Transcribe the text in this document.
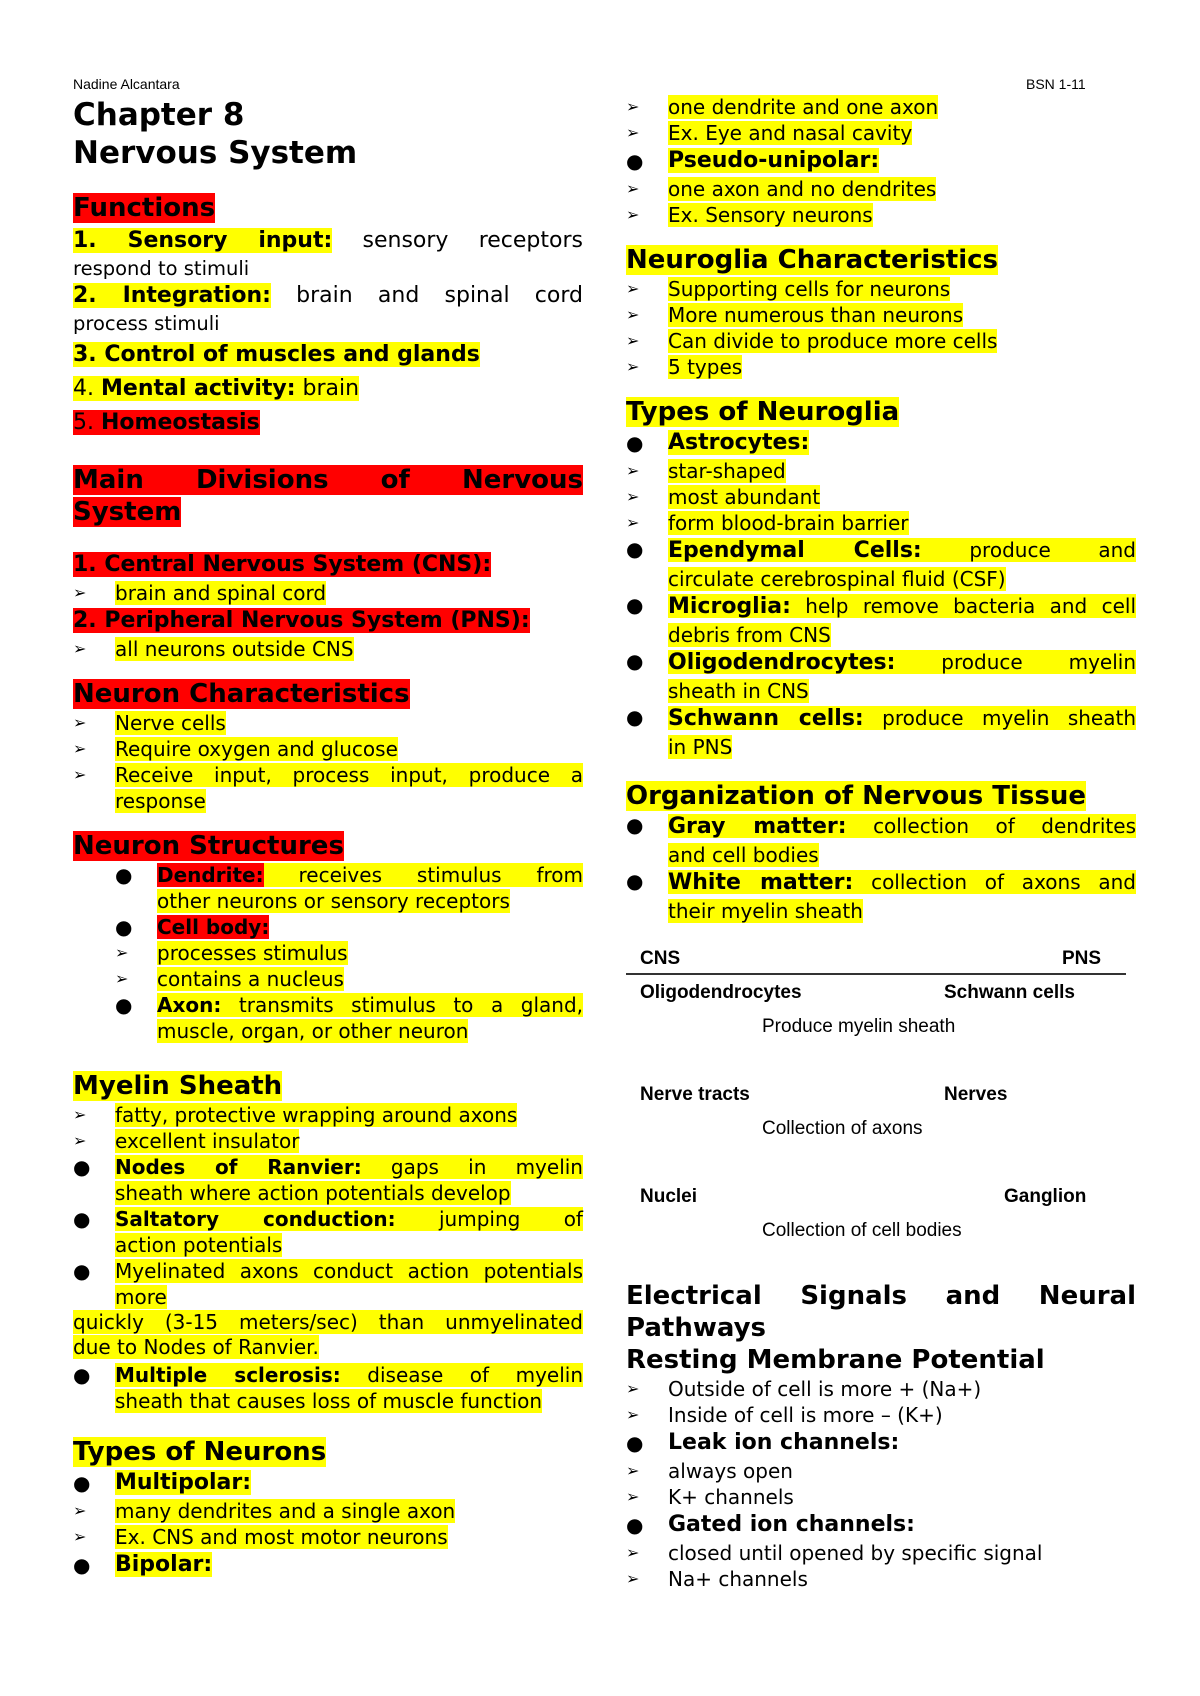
Nadine Alcantara	BSN 1-11

Chapter 8

Nervous System

Functions

1. Sensory input: sensory receptors

respond to stimuli

2. Integration: brain and spinal cord

process stimuli

3. Control of muscles and glands

4. Mental activity: brain

5. Homeostasis

Main Divisions of Nervous

System

1. Central Nervous System (CNS):

➢	brain and spinal cord

2. Peripheral Nervous System (PNS):

➢	all neurons outside CNS

Neuron Characteristics

➢	Nerve cells

➢	Require oxygen and glucose

➢	Receive input, process input, produce a

response

Neuron Structures

●	Dendrite: receives stimulus from

other neurons or sensory receptors

●	Cell body:

➢	processes stimulus

➢	contains a nucleus

●	Axon: transmits stimulus to a gland,

muscle, organ, or other neuron

Myelin Sheath

➢	fatty, protective wrapping around axons

➢	excellent insulator

●	Nodes of Ranvier: gaps in myelin

sheath where action potentials develop

●	Saltatory conduction: jumping of

action potentials

●	Myelinated axons conduct action potentials

more

quickly (3-15 meters/sec) than unmyelinated

due to Nodes of Ranvier.

●	Multiple sclerosis: disease of myelin

sheath that causes loss of muscle function

Types of Neurons

●	Multipolar:

➢	many dendrites and a single axon

➢	Ex. CNS and most motor neurons

●	Bipolar:

➢	one dendrite and one axon

➢	Ex. Eye and nasal cavity

●	Pseudo-unipolar:

➢	one axon and no dendrites

➢	Ex. Sensory neurons

Neuroglia Characteristics

➢	Supporting cells for neurons

➢	More numerous than neurons

➢	Can divide to produce more cells

➢	5 types

Types of Neuroglia

●	Astrocytes:

➢	star-shaped

➢	most abundant

➢	form blood-brain barrier

●	Ependymal Cells: produce and

circulate cerebrospinal fluid (CSF)

●	Microglia: help remove bacteria and cell

debris from CNS

●	Oligodendrocytes: produce myelin

sheath in CNS

●	Schwann cells: produce myelin sheath

in PNS

Organization of Nervous Tissue

●	Gray matter: collection of dendrites

and cell bodies

●	White matter: collection of axons and

their myelin sheath

CNS	PNS
Oligodendrocytes	Schwann cells
Produce myelin sheath
Nerve tracts	Nerves
Collection of axons
Nuclei	Ganglion
Collection of cell bodies

Electrical Signals and Neural

Pathways

Resting Membrane Potential

➢	Outside of cell is more + (Na+)

➢	Inside of cell is more – (K+)

●	Leak ion channels:

➢	always open

➢	K+ channels

●	Gated ion channels:

➢	closed until opened by specific signal

➢	Na+ channels
